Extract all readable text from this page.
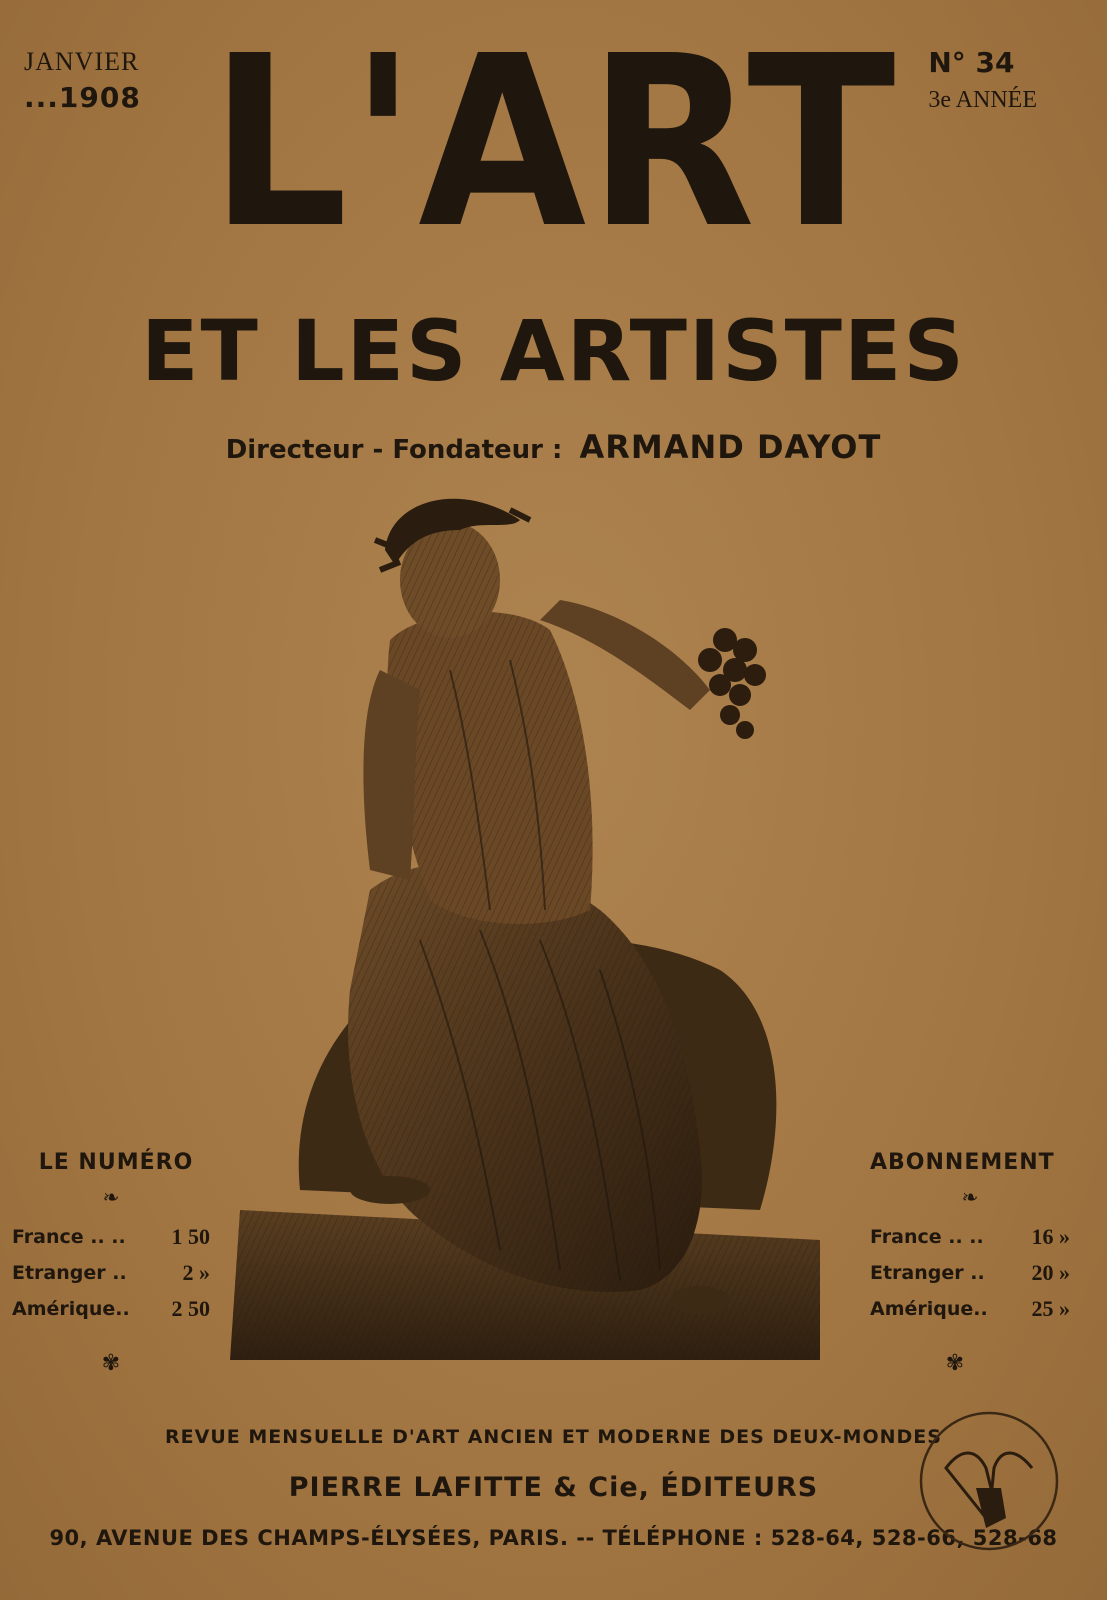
JANVIER
...1908
N° 34
3e ANNÉE
L'ART
ET LES ARTISTES
Directeur - Fondateur : ARMAND DAYOT
LE NUMÉRO
❧
France .. .. 1 50
Etranger ..	2 »
Amérique.. 2 50
✾
ABONNEMENT
❧
France .. .. 16 »
Etranger .. 20 »
Amérique.. 25 »
✾
REVUE MENSUELLE D'ART ANCIEN ET MODERNE DES DEUX-MONDES
PIERRE LAFITTE & Cie, ÉDITEURS
90, AVENUE DES CHAMPS-ÉLYSÉES, PARIS. -- TÉLÉPHONE : 528-64, 528-66, 528-68
